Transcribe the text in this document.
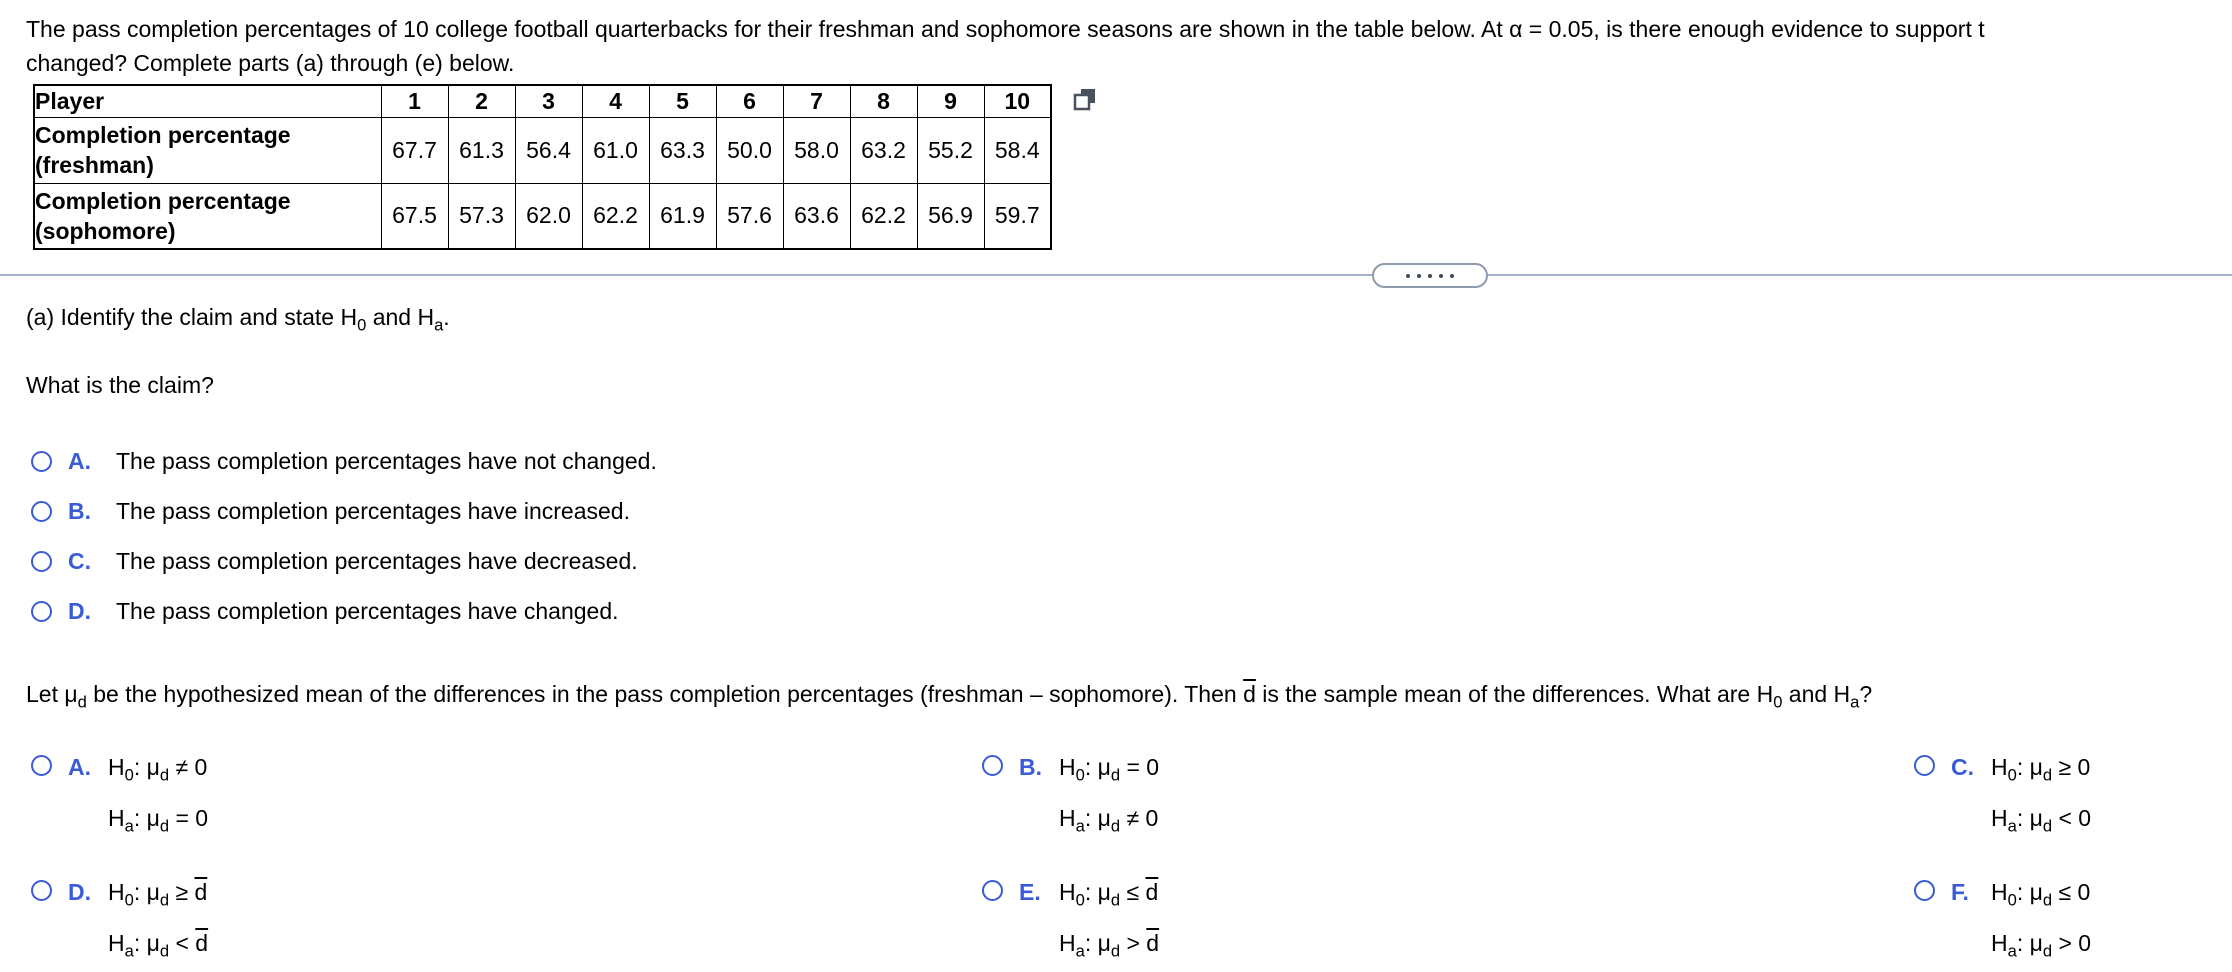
The pass completion percentages of 10 college football quarterbacks for their freshman and sophomore seasons are shown in the table below. At α = 0.05, is there enough evidence to support t
changed? Complete parts (a) through (e) below.
Player	1	2	3	4	5	6	7	8	9	10
Completion percentage (freshman)	67.7	61.3	56.4	61.0	63.3	50.0	58.0	63.2	55.2	58.4
Completion percentage (sophomore)	67.5	57.3	62.0	62.2	61.9	57.6	63.6	62.2	56.9	59.7
(a) Identify the claim and state $H_0$ and $H_a$.
What is the claim?
A.	The pass completion percentages have not changed.
B.	The pass completion percentages have increased.
C.	The pass completion percentages have decreased.
D.	The pass completion percentages have changed.
Let $\mu_d$ be the hypothesized mean of the differences in the pass completion percentages (freshman – sophomore). Then $\overline{d}$ is the sample mean of the differences. What are $H_0$ and $H_a$?
A. $H_0$: $\mu_d \ne 0$
$H_a$: $\mu_d = 0$
B. $H_0$: $\mu_d = 0$
$H_a$: $\mu_d \ne 0$
C. $H_0$: $\mu_d \ge 0$
$H_a$: $\mu_d < 0$
D. $H_0$: $\mu_d \ge \overline{d}$
$H_a$: $\mu_d < \overline{d}$
E. $H_0$: $\mu_d \le \overline{d}$
$H_a$: $\mu_d > \overline{d}$
F. $H_0$: $\mu_d \le 0$
$H_a$: $\mu_d > 0$
